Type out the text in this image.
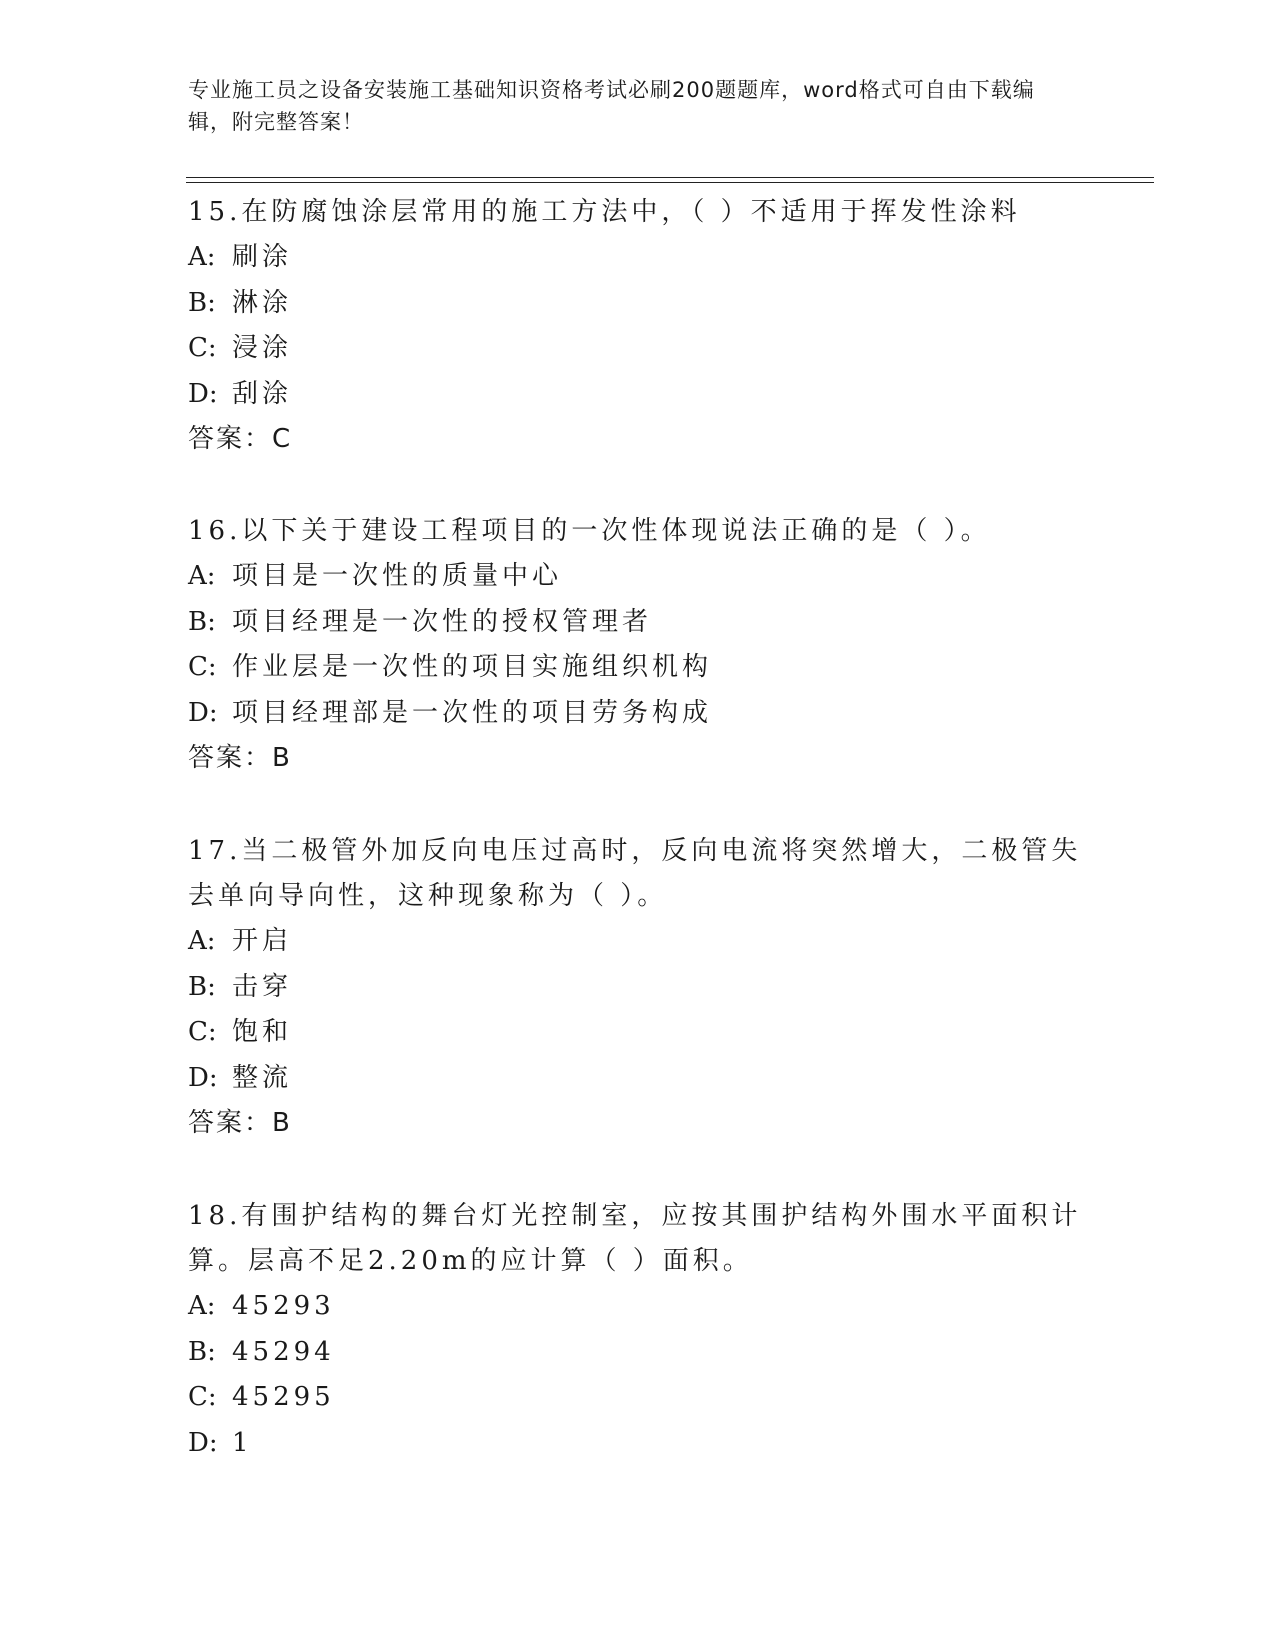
专业施工员之设备安装施工基础知识资格考试必刷200题题库，word格式可自由下载编辑，附完整答案！

15.在防腐蚀涂层常用的施工方法中，（ ）不适用于挥发性涂料

A: 刷涂
B: 淋涂
C: 浸涂
D: 刮涂

答案：C

16.以下关于建设工程项目的一次性体现说法正确的是（ ）。

A: 项目是一次性的质量中心
B: 项目经理是一次性的授权管理者
C: 作业层是一次性的项目实施组织机构
D: 项目经理部是一次性的项目劳务构成

答案：B

17.当二极管外加反向电压过高时，反向电流将突然增大，二极管失去单向导向性，这种现象称为（ ）。

A: 开启
B: 击穿
C: 饱和
D: 整流

答案：B

18.有围护结构的舞台灯光控制室，应按其围护结构外围水平面积计算。层高不足2.20m的应计算（ ）面积。

A: 45293
B: 45294
C: 45295
D: 1
